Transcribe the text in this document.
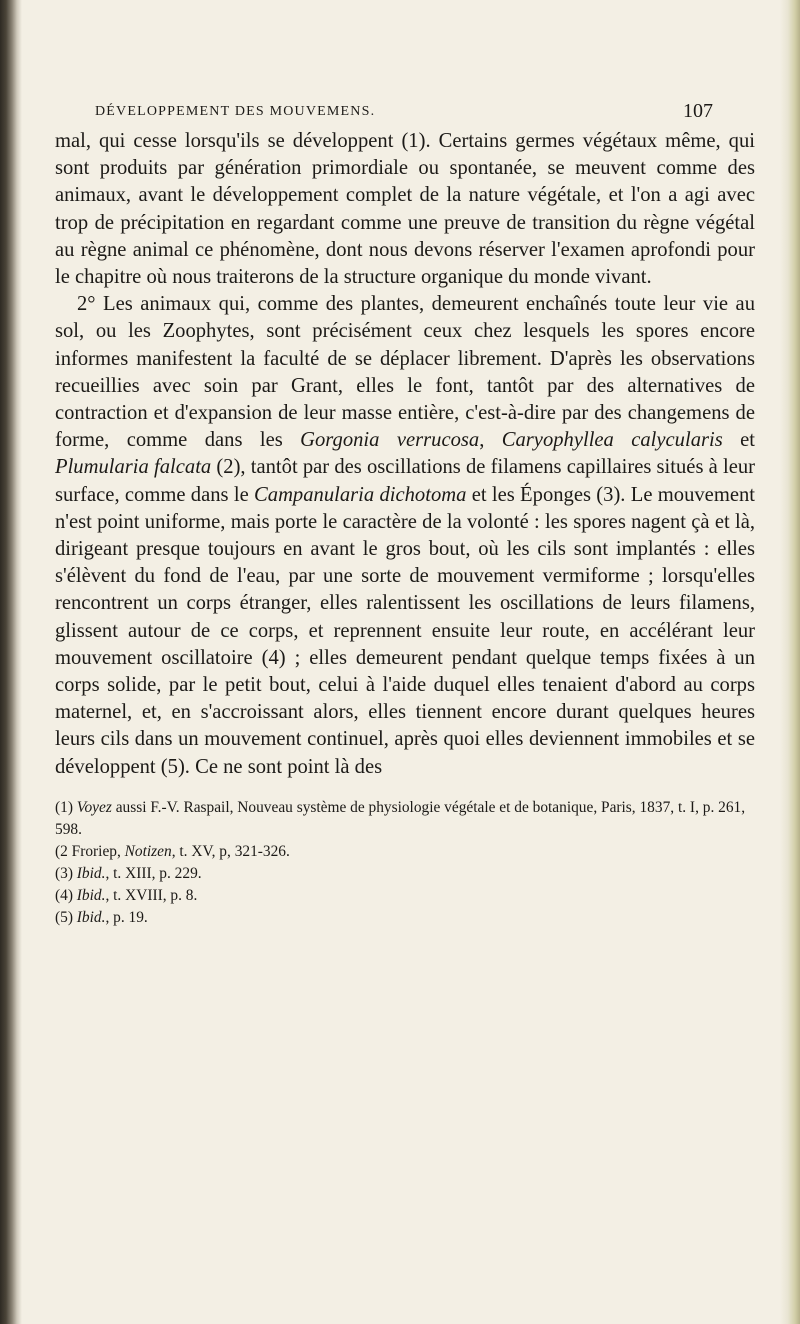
DÉVELOPPEMENT DES MOUVEMENS.	107
mal, qui cesse lorsqu'ils se développent (1). Certains germes végétaux même, qui sont produits par génération primordiale ou spontanée, se meuvent comme des animaux, avant le développement complet de la nature végétale, et l'on a agi avec trop de précipitation en regardant comme une preuve de transition du règne végétal au règne animal ce phénomène, dont nous devons réserver l'examen aprofondi pour le chapitre où nous traiterons de la structure organique du monde vivant.
2° Les animaux qui, comme des plantes, demeurent enchaînés toute leur vie au sol, ou les Zoophytes, sont précisément ceux chez lesquels les spores encore informes manifestent la faculté de se déplacer librement. D'après les observations recueillies avec soin par Grant, elles le font, tantôt par des alternatives de contraction et d'expansion de leur masse entière, c'est-à-dire par des changemens de forme, comme dans les Gorgonia verrucosa, Caryophyllea calycularis et Plumularia falcata (2), tantôt par des oscillations de filamens capillaires situés à leur surface, comme dans le Campanularia dichotoma et les Éponges (3). Le mouvement n'est point uniforme, mais porte le caractère de la volonté : les spores nagent çà et là, dirigeant presque toujours en avant le gros bout, où les cils sont implantés : elles s'élèvent du fond de l'eau, par une sorte de mouvement vermiforme ; lorsqu'elles rencontrent un corps étranger, elles ralentissent les oscillations de leurs filamens, glissent autour de ce corps, et reprennent ensuite leur route, en accélérant leur mouvement oscillatoire (4) ; elles demeurent pendant quelque temps fixées à un corps solide, par le petit bout, celui à l'aide duquel elles tenaient d'abord au corps maternel, et, en s'accroissant alors, elles tiennent encore durant quelques heures leurs cils dans un mouvement continuel, après quoi elles deviennent immobiles et se développent (5). Ce ne sont point là des
(1) Voyez aussi F.-V. Raspail, Nouveau système de physiologie végétale et de botanique, Paris, 1837, t. I, p. 261, 598.
(2 Froriep, Notizen, t. XV, p, 321-326.
(3) Ibid., t. XIII, p. 229.
(4) Ibid., t. XVIII, p. 8.
(5) Ibid., p. 19.
